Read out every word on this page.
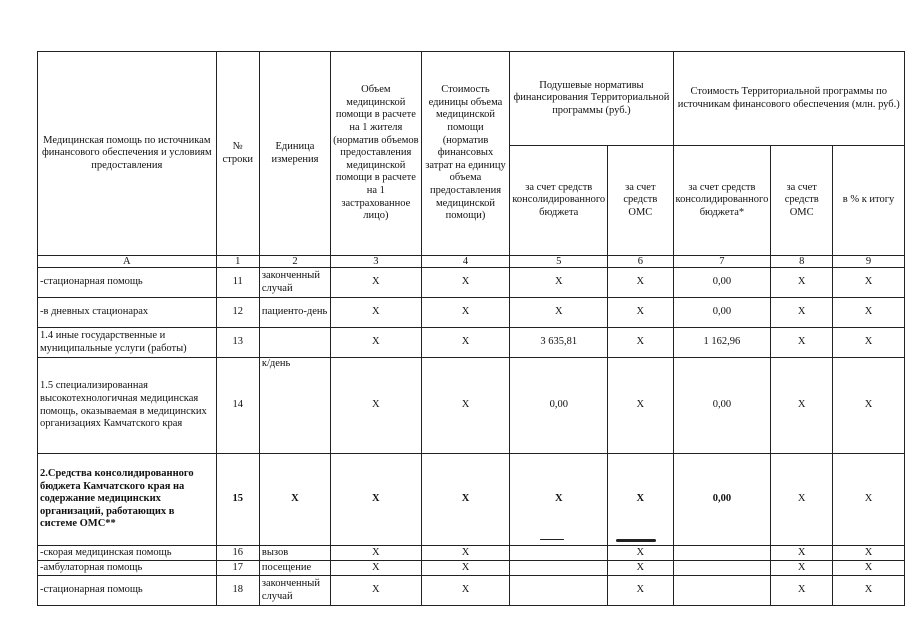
Медицинская помощь по источникам финансового обеспечения и условиям предоставления	№ строки	Единица измерения	Объем медицинской помощи в расчете на 1 жителя (норматив объемов предоставления медицинской помощи в расчете на 1 застрахованное лицо)	Стоимость единицы объема медицинской помощи (норматив финансовых затрат на единицу объема предоставления медицинской помощи)	Подушевые нормативы финансирования Территориальной программы (руб.)		Стоимость Территориальной программы по источникам финансового обеспечения (млн. руб.)		
					за счет средств консолидированного бюджета	за счет средств ОМС	за счет средств консолидированного бюджета*	за счет средств ОМС	в % к итогу
А	1	2	3	4	5	6	7	8	9
-стационарная помощь	11	законченный случай	X	X	X	X	0,00	X	X
-в дневных стационарах	12	пациенто-день	X	X	X	X	0,00	X	X
1.4 иные государственные и муниципальные услуги (работы)	13		X	X	3 635,81	X	1 162,96	X	X
1.5 специализированная высокотехнологичная медицинская помощь, оказываемая в медицинских организациях Камчатского края	14	к/день	X	X	0,00	X	0,00	X	X
2.Средства консолидированного бюджета Камчатского края на содержание медицинских организаций, работающих в системе ОМС**	15	X	X	X	X	X	0,00	X	X
-скорая медицинская помощь	16	вызов	X	X		X		X	X
-амбулаторная помощь	17	посещение	X	X		X		X	X
-стационарная помощь	18	законченный случай	X	X		X		X	X
